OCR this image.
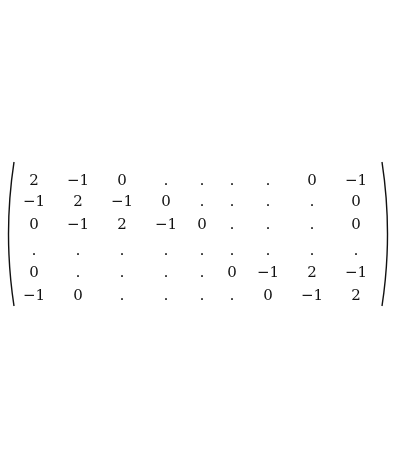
2	−1	0	.	.	.	.	0	−1
−1	2	−1	0	.	.	.	.	0
0	−1	2	−1	0	.	.	.	0
.	.	.	.	.	.	.	.	.
0	.	.	.	.	0	−1	2	−1
−1	0	.	.	.	.	0	−1	2
